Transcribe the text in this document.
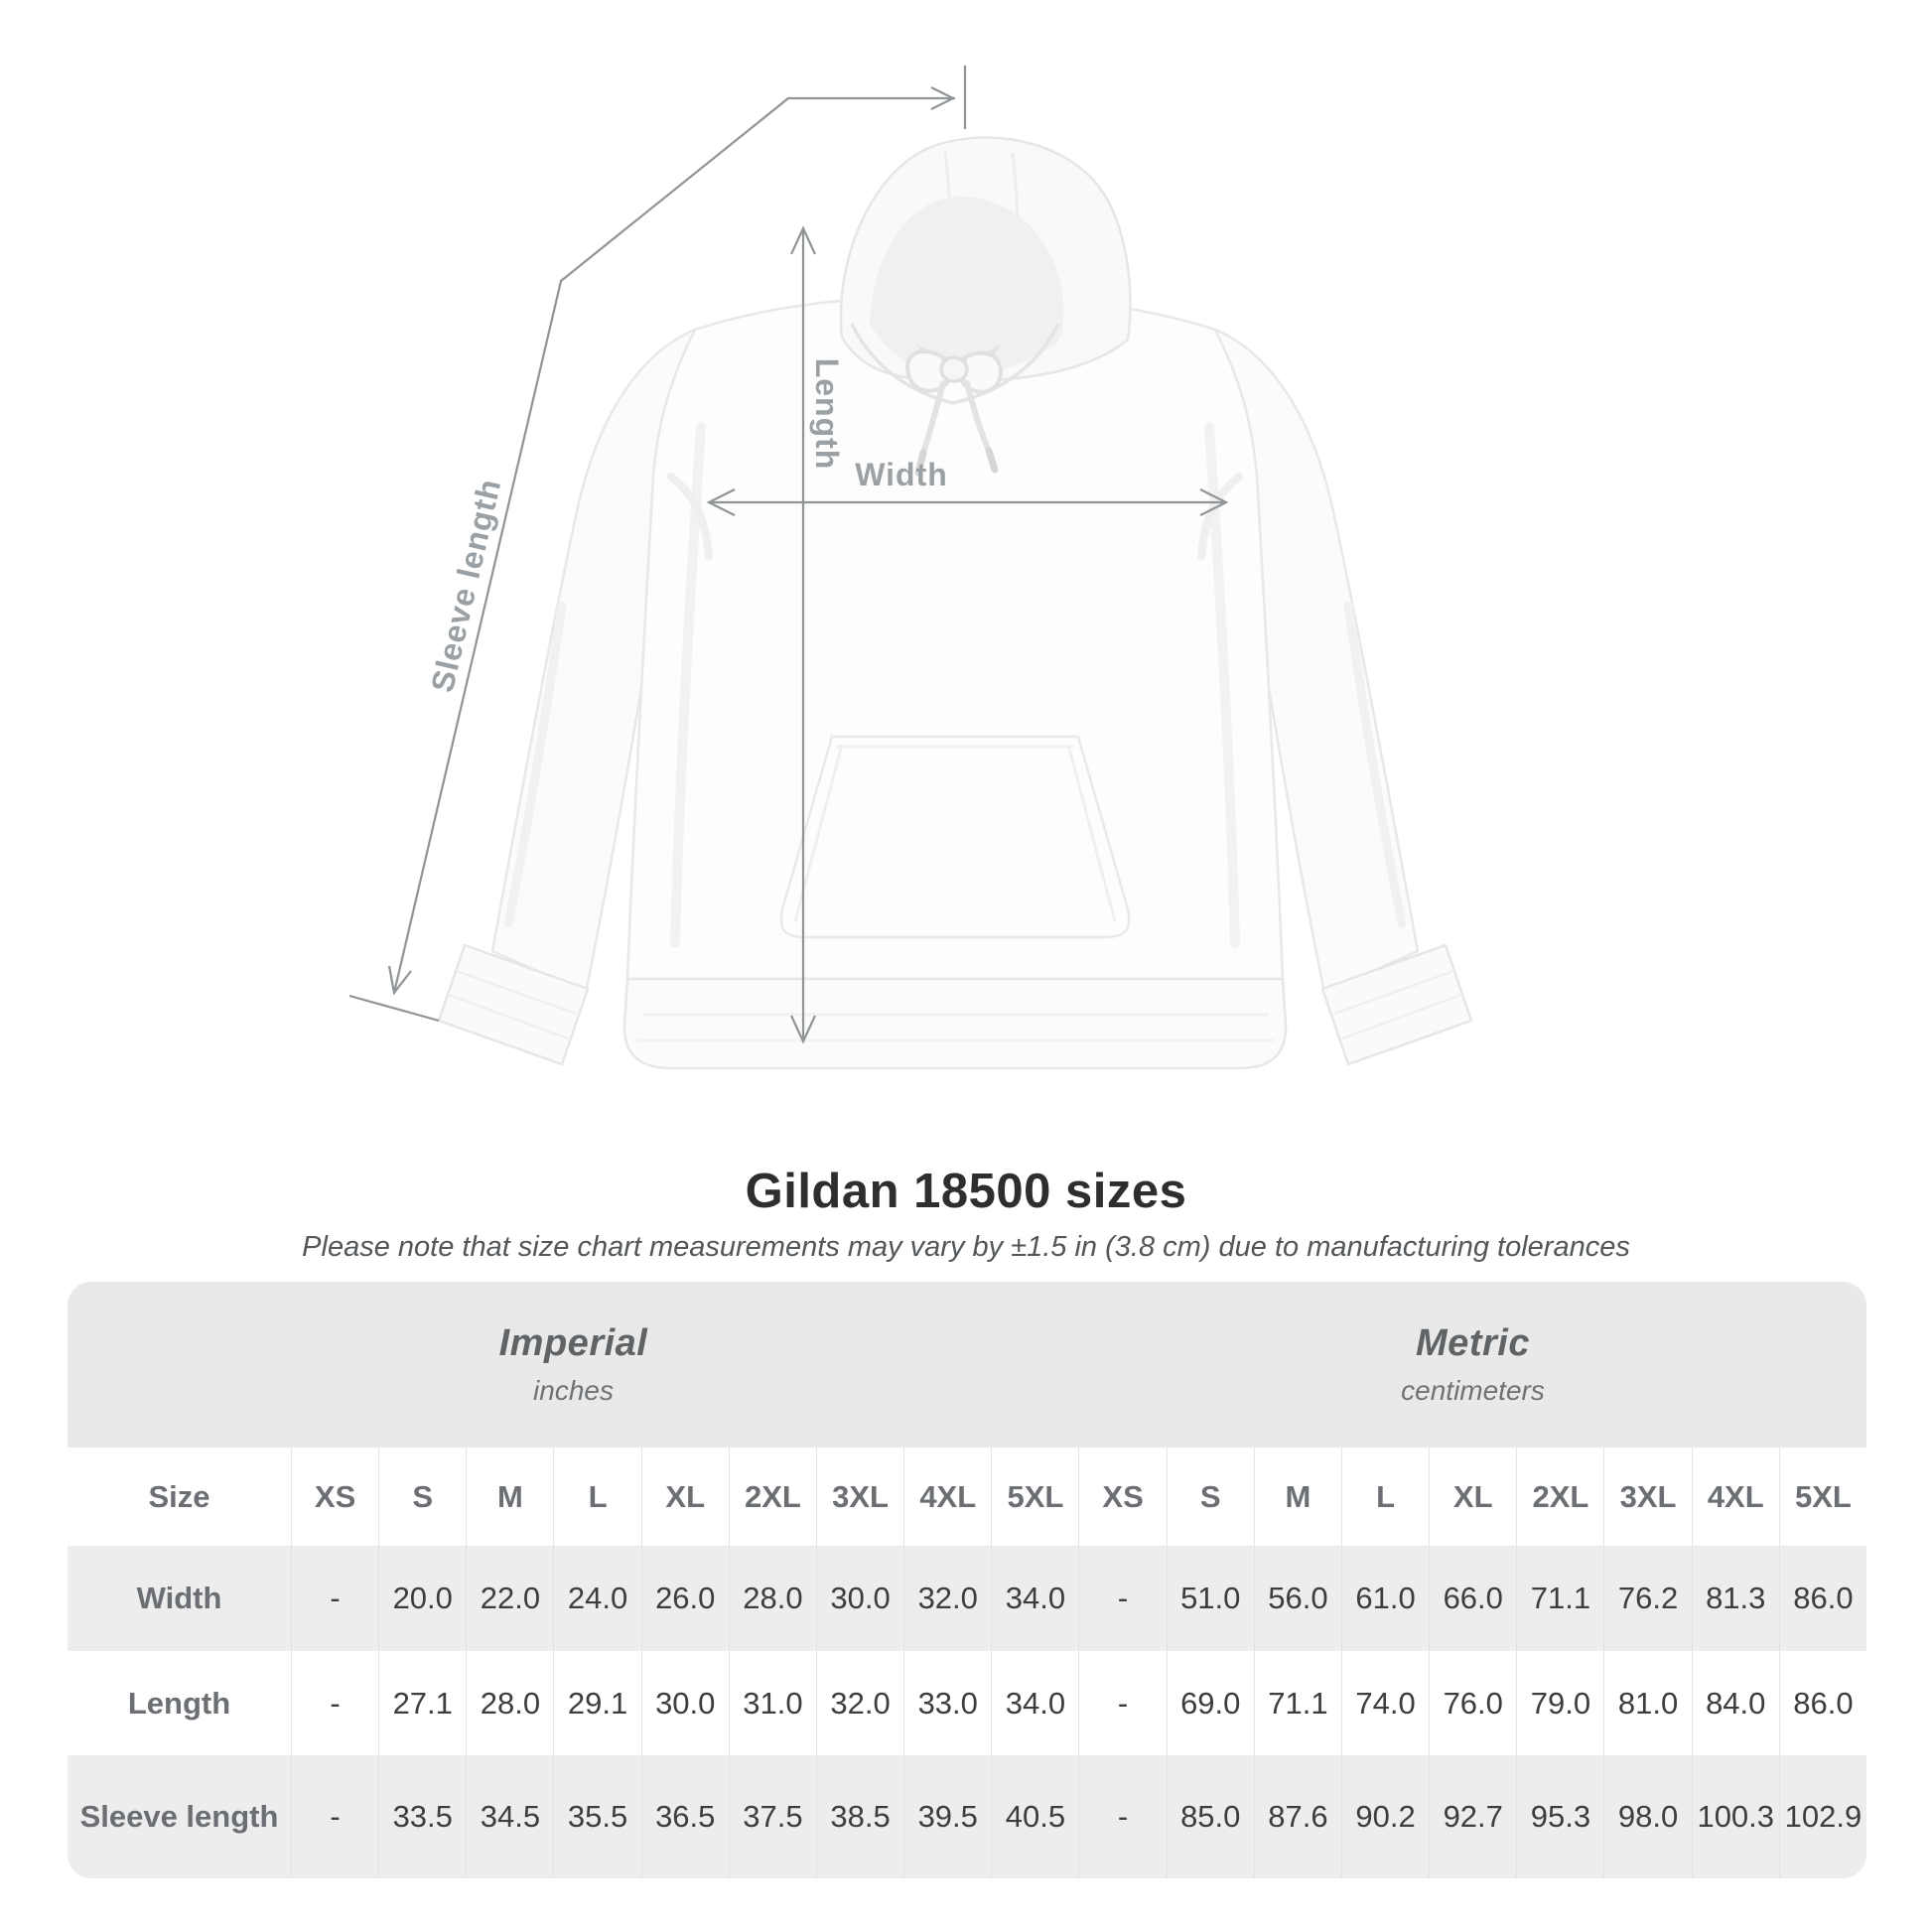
Width
Length
Sleeve length
Gildan 18500 sizes
Please note that size chart measurements may vary by ±1.5 in (3.8 cm) due to manufacturing tolerances
Imperial
inches
Metric
centimeters
Size	XS	S	M	L	XL	2XL	3XL	4XL	5XL	XS	S	M	L	XL	2XL	3XL	4XL	5XL
Width	-	20.0 22.0 24.0 26.0 28.0 30.0 32.0 34.0	-	51.0 56.0 61.0 66.0 71.1 76.2 81.3 86.0
Length	-	27.1 28.0 29.1 30.0 31.0 32.0 33.0 34.0	-	69.0 71.1 74.0 76.0 79.0 81.0 84.0 86.0
Sleeve length	-	33.5 34.5 35.5 36.5 37.5 38.5 39.5 40.5	-	85.0 87.6 90.2 92.7 95.3 98.0 100.3 102.9
